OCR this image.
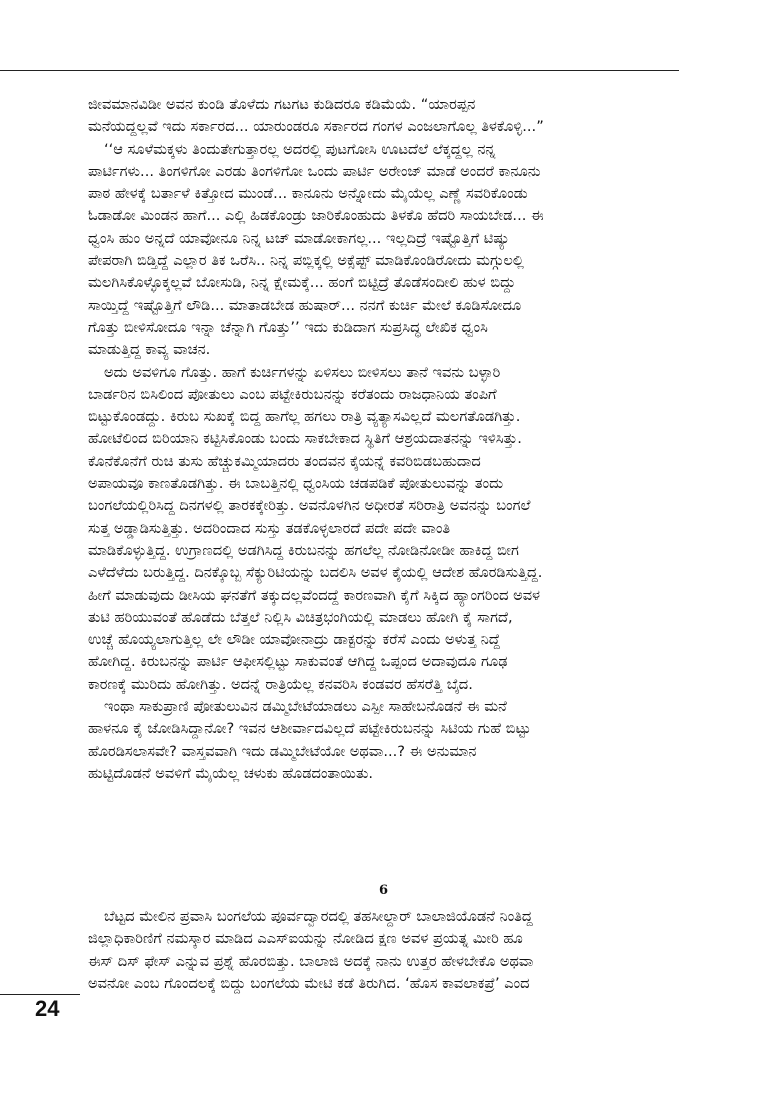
ಜೀವಮಾನವಿಡೀ ಅವನ ಕುಂಡಿ ತೊಳೆದು ಗಟಗಟ ಕುಡಿದರೂ ಕಡಿಮೆಯೆ. “ಯಾರಪ್ಪನ
ಮನೆಯದ್ದಲ್ಲವೆ ಇದು ಸರ್ಕಾರದ... ಯಾರುಂಡರೂ ಸರ್ಕಾರದ ಗಂಗಳ ಎಂಜಲಾಗೊಲ್ಲ ತಿಳಕೊಳ್ಳಿ...”
‘‘ಆ ಸೂಳೆಮಕ್ಕಳು ತಿಂದುತೇಗುತ್ತಾರಲ್ಲ ಅದರಲ್ಲಿ ಪುಟಗೋಸಿ ಊಟದೆಲೆ ಲೆಕ್ಕದ್ದಲ್ಲ ನನ್ನ
ಪಾರ್ಟಿಗಳು... ತಿಂಗಳಿಗೋ ಎರಡು ತಿಂಗಳಿಗೋ ಒಂದು ಪಾರ್ಟಿ ಅರೇಂಜ್ ಮಾಡೆ ಅಂದರೆ ಕಾನೂನು
ಪಾಠ ಹೇಳಕ್ಕೆ ಬರ್ತಾಳೆ ಕಿತ್ತೋದ ಮುಂಡೆ... ಕಾನೂನು ಅನ್ನೋದು ಮೈಯೆಲ್ಲ ಎಣ್ಣೆ ಸವರಿಕೊಂಡು
ಓಡಾಡೋ ಮಿಂಡನ ಹಾಗೆ... ಎಲ್ಲಿ ಹಿಡಕೊಂಡ್ರು ಜಾರಿಕೊಂಹುದು ತಿಳಕೊ ಹೆದರಿ ಸಾಯಬೇಡ... ಈ
ಧ್ವಂಸಿ ಹುಂ ಅನ್ನದೆ ಯಾವೋನೂ ನಿನ್ನ ಟಚ್ ಮಾಡೋಕಾಗಲ್ಲ... ಇಲ್ಲದಿದ್ರೆ ಇಷ್ಟೊತ್ತಿಗೆ ಟಿಷ್ಯು
ಪೇಪರಾಗಿ ಬಿಡ್ತಿದ್ದೆ ಎಲ್ಲಾರ ತಿಕ ಒರೆಸಿ.. ನಿನ್ನ ಪಬ್ಲಿಕ್ಕಲ್ಲಿ ಅಕ್ಸೆಪ್ಟ್ ಮಾಡಿಕೊಂಡಿರೋದು ಮಗ್ಗುಲಲ್ಲಿ
ಮಲಗಿಸಿಕೊಳ್ಳೊಕ್ಕಲ್ಲವೆ ಬೋಸುಡಿ, ನಿನ್ನ ಕ್ಷೇಮಕ್ಕೆ... ಹಂಗೆ ಬಿಟ್ಟಿದ್ರೆ ತೊಡೆಸಂದೀಲಿ ಹುಳ ಬಿದ್ದು
ಸಾಯ್ತಿದ್ದೆ ಇಷ್ಟೊತ್ತಿಗೆ ಲೌಡಿ... ಮಾತಾಡಬೇಡ ಹುಷಾರ್... ನನಗೆ ಕುರ್ಚಿ ಮೇಲೆ ಕೂಡಿಸೋದೂ
ಗೊತ್ತು ಬೀಳಿಸೋದೂ ಇನ್ನಾ ಚೆನ್ನಾಗಿ ಗೊತ್ತು’’ ಇದು ಕುಡಿದಾಗ ಸುಪ್ರಸಿದ್ಧ ಲೇಖಿಕ ಧ್ವಂಸಿ
ಮಾಡುತ್ತಿದ್ದ ಕಾವ್ಯ ವಾಚನ.
ಅದು ಅವಳಿಗೂ ಗೊತ್ತು. ಹಾಗೆ ಕುರ್ಚಿಗಳನ್ನು ಏಳಿಸಲು ಬೀಳಿಸಲು ತಾನೆ ಇವನು ಬಳ್ಳಾರಿ
ಬಾರ್ಡರಿನ ಬಿಸಿಲಿಂದ ಪೋತುಲು ಎಂಬ ಪಟ್ಟೇಕಿರುಬನನ್ನು ಕರೆತಂದು ರಾಜಧಾನಿಯ ತಂಪಿಗೆ
ಬಿಟ್ಟುಕೊಂಡದ್ದು. ಕಿರುಬ ಸುಖಕ್ಕೆ ಬಿದ್ದ ಹಾಗೆಲ್ಲ ಹಗಲು ರಾತ್ರಿ ವ್ಯತ್ಯಾಸವಿಲ್ಲದೆ ಮಲಗತೊಡಗಿತ್ತು.
ಹೋಟೆಲಿಂದ ಬಿರಿಯಾನಿ ಕಟ್ಟಿಸಿಕೊಂಡು ಬಂದು ಸಾಕಬೇಕಾದ ಸ್ಥಿತಿಗೆ ಆಶ್ರಯದಾತನನ್ನು ಇಳಿಸಿತ್ತು.
ಕೊನೆಕೊನೆಗೆ ರುಚಿ ತುಸು ಹೆಚ್ಚುಕಮ್ಮಿಯಾದರು ತಂದವನ ಕೈಯನ್ನೆ ಕವರಿಬಿಡಬಹುದಾದ
ಅಪಾಯವೂ ಕಾಣತೊಡಗಿತ್ತು. ಈ ಬಾಬತ್ತಿನಲ್ಲಿ ಧ್ವಂಸಿಯ ಚಡಪಡಿಕೆ ಪೋತುಲುವನ್ನು ತಂದು
ಬಂಗಲೆಯಲ್ಲಿರಿಸಿದ್ದ ದಿನಗಳಲ್ಲಿ ತಾರಕಕ್ಕೇರಿತ್ತು. ಅವನೊಳಗಿನ ಅಧೀರತೆ ಸರಿರಾತ್ರಿ ಅವನನ್ನು ಬಂಗಲೆ
ಸುತ್ತ ಅಡ್ಡಾಡಿಸುತ್ತಿತ್ತು. ಅದರಿಂದಾದ ಸುಸ್ತು ತಡಕೊಳ್ಳಲಾರದೆ ಪದೇ ಪದೇ ವಾಂತಿ
ಮಾಡಿಕೊಳ್ಳುತ್ತಿದ್ದ. ಉಗ್ರಾಣದಲ್ಲಿ ಅಡಗಿಸಿದ್ದ ಕಿರುಬನನ್ನು ಹಗಲೆಲ್ಲ ನೋಡಿನೋಡೀ ಹಾಕಿದ್ದ ಬೀಗ
ಎಳೆದೆಳೆದು ಬರುತ್ತಿದ್ದ. ದಿನಕ್ಕೊಬ್ಬ ಸೆಕ್ಯುರಿಟಿಯನ್ನು ಬದಲಿಸಿ ಅವಳ ಕೈಯಲ್ಲಿ ಆದೇಶ ಹೊರಡಿಸುತ್ತಿದ್ದ.
ಹೀಗೆ ಮಾಡುವುದು ಡೀಸಿಯ ಘನತೆಗೆ ತಕ್ಕುದಲ್ಲವೆಂದದ್ದೆ ಕಾರಣವಾಗಿ ಕೈಗೆ ಸಿಕ್ಕಿದ ಹ್ಯಾಂಗರಿಂದ ಅವಳ
ತುಟಿ ಹರಿಯುವಂತೆ ಹೊಡೆದು ಬೆತ್ತಲೆ ನಿಲ್ಲಿಸಿ ವಿಚಿತ್ರಭಂಗಿಯಲ್ಲಿ ಮಾಡಲು ಹೋಗಿ ಕೈ ಸಾಗದೆ,
ಉಚ್ಚೆ ಹೊಯ್ಯಲಾಗುತ್ತಿಲ್ಲ ಲೇ ಲೌಡೀ ಯಾವೋನಾದ್ರು ಡಾಕ್ಟರನ್ನು ಕರೆಸೆ ಎಂದು ಅಳುತ್ತ ನಿದ್ದೆ
ಹೋಗಿದ್ದ. ಕಿರುಬನನ್ನು ಪಾರ್ಟಿ ಆಫೀಸಲ್ಲಿಟ್ಟು ಸಾಕುವಂತೆ ಆಗಿದ್ದ ಒಪ್ಪಂದ ಅದಾವುದೂ ಗೂಢ
ಕಾರಣಕ್ಕೆ ಮುರಿದು ಹೋಗಿತ್ತು. ಅದನ್ನೆ ರಾತ್ರಿಯೆಲ್ಲ ಕನವರಿಸಿ ಕಂಡವರ ಹೆಸರೆತ್ತಿ ಬೈದ.
ಇಂಥಾ ಸಾಕುಪ್ರಾಣಿ ಪೋತುಲುವಿನ ಡಮ್ಮಿಬೇಟೆಯಾಡಲು ಎಸ್ಪೀ ಸಾಹೇಬನೊಡನೆ ಈ ಮನೆ
ಹಾಳನೂ ಕೈ ಜೋಡಿಸಿದ್ದಾನೋ? ಇವನ ಆಶೀರ್ವಾದವಿಲ್ಲದೆ ಪಟ್ಟೇಕಿರುಬನನ್ನು ಸಿಟಿಯ ಗುಹೆ ಬಿಟ್ಟು
ಹೊರಡಿಸಲಾಸವೇ? ವಾಸ್ತವವಾಗಿ ಇದು ಡಮ್ಮಿಬೇಟೆಯೋ ಅಥವಾ...? ಈ ಅನುಮಾನ
ಹುಟ್ಟಿದೊಡನೆ ಅವಳಿಗೆ ಮೈಯೆಲ್ಲ ಚಳುಕು ಹೊಡದಂತಾಯಿತು.
6
ಬೆಟ್ಟದ ಮೇಲಿನ ಪ್ರವಾಸಿ ಬಂಗಲೆಯ ಪೂರ್ವದ್ವಾರದಲ್ಲಿ ತಹಸೀಲ್ದಾರ್ ಬಾಲಾಜಿಯೊಡನೆ ನಿಂತಿದ್ದ
ಜಿಲ್ಲಾಧಿಕಾರಿಣಿಗೆ ನಮಸ್ಕಾರ ಮಾಡಿದ ಎಎಸ್ಐಯನ್ನು ನೋಡಿದ ಕ್ಷಣ ಅವಳ ಪ್ರಯತ್ನ ಮೀರಿ ಹೂ
ಈಸ್ ದಿಸ್ ಫೇಸ್ ಎನ್ನುವ ಪ್ರಶ್ನೆ ಹೊರಬಿತ್ತು. ಬಾಲಾಜಿ ಅದಕ್ಕೆ ನಾನು ಉತ್ತರ ಹೇಳಬೇಕೊ ಅಥವಾ
ಅವನೋ ಎಂಬ ಗೊಂದಲಕ್ಕೆ ಬಿದ್ದು ಬಂಗಲೆಯ ಮೇಟಿ ಕಡೆ ತಿರುಗಿದ. ‘ಹೊಸ ಕಾವಲಾಕಪ್ರೆ’ ಎಂದ
24
